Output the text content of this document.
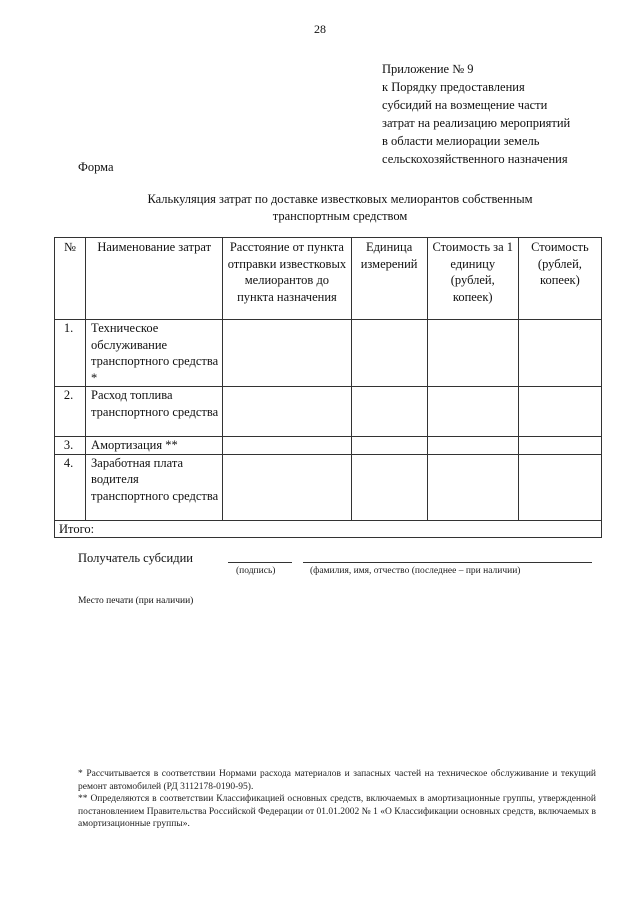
28
Приложение № 9
к Порядку предоставления
субсидий на возмещение части
затрат на реализацию мероприятий
в области мелиорации земель
сельскохозяйственного назначения
Форма
Калькуляция затрат по доставке известковых мелиорантов собственным
транспортным средством
№	Наименование затрат	Расстояние от пункта отправки известковых мелиорантов до пункта назначения	Единица измерений	Стоимость за 1 единицу (рублей, копеек)	Стоимость (рублей, копеек)
1.	Техническое обслуживание транспортного средства *				
2.	Расход топлива транспортного средства				
3.	Амортизация **				
4.	Заработная плата водителя транспортного средства				
Итого:					
Получатель субсидии
(подпись)	(фамилия, имя, отчество (последнее – при наличии)
Место печати (при наличии)

* Рассчитывается в соответствии Нормами расхода материалов и запасных частей на техническое обслуживание и текущий ремонт автомобилей (РД 3112178-0190-95).

** Определяются в соответствии Классификацией основных средств, включаемых в амортизационные группы, утвержденной постановлением Правительства Российской Федерации от 01.01.2002 № 1 «О Классификации основных средств, включаемых в амортизационные группы».
